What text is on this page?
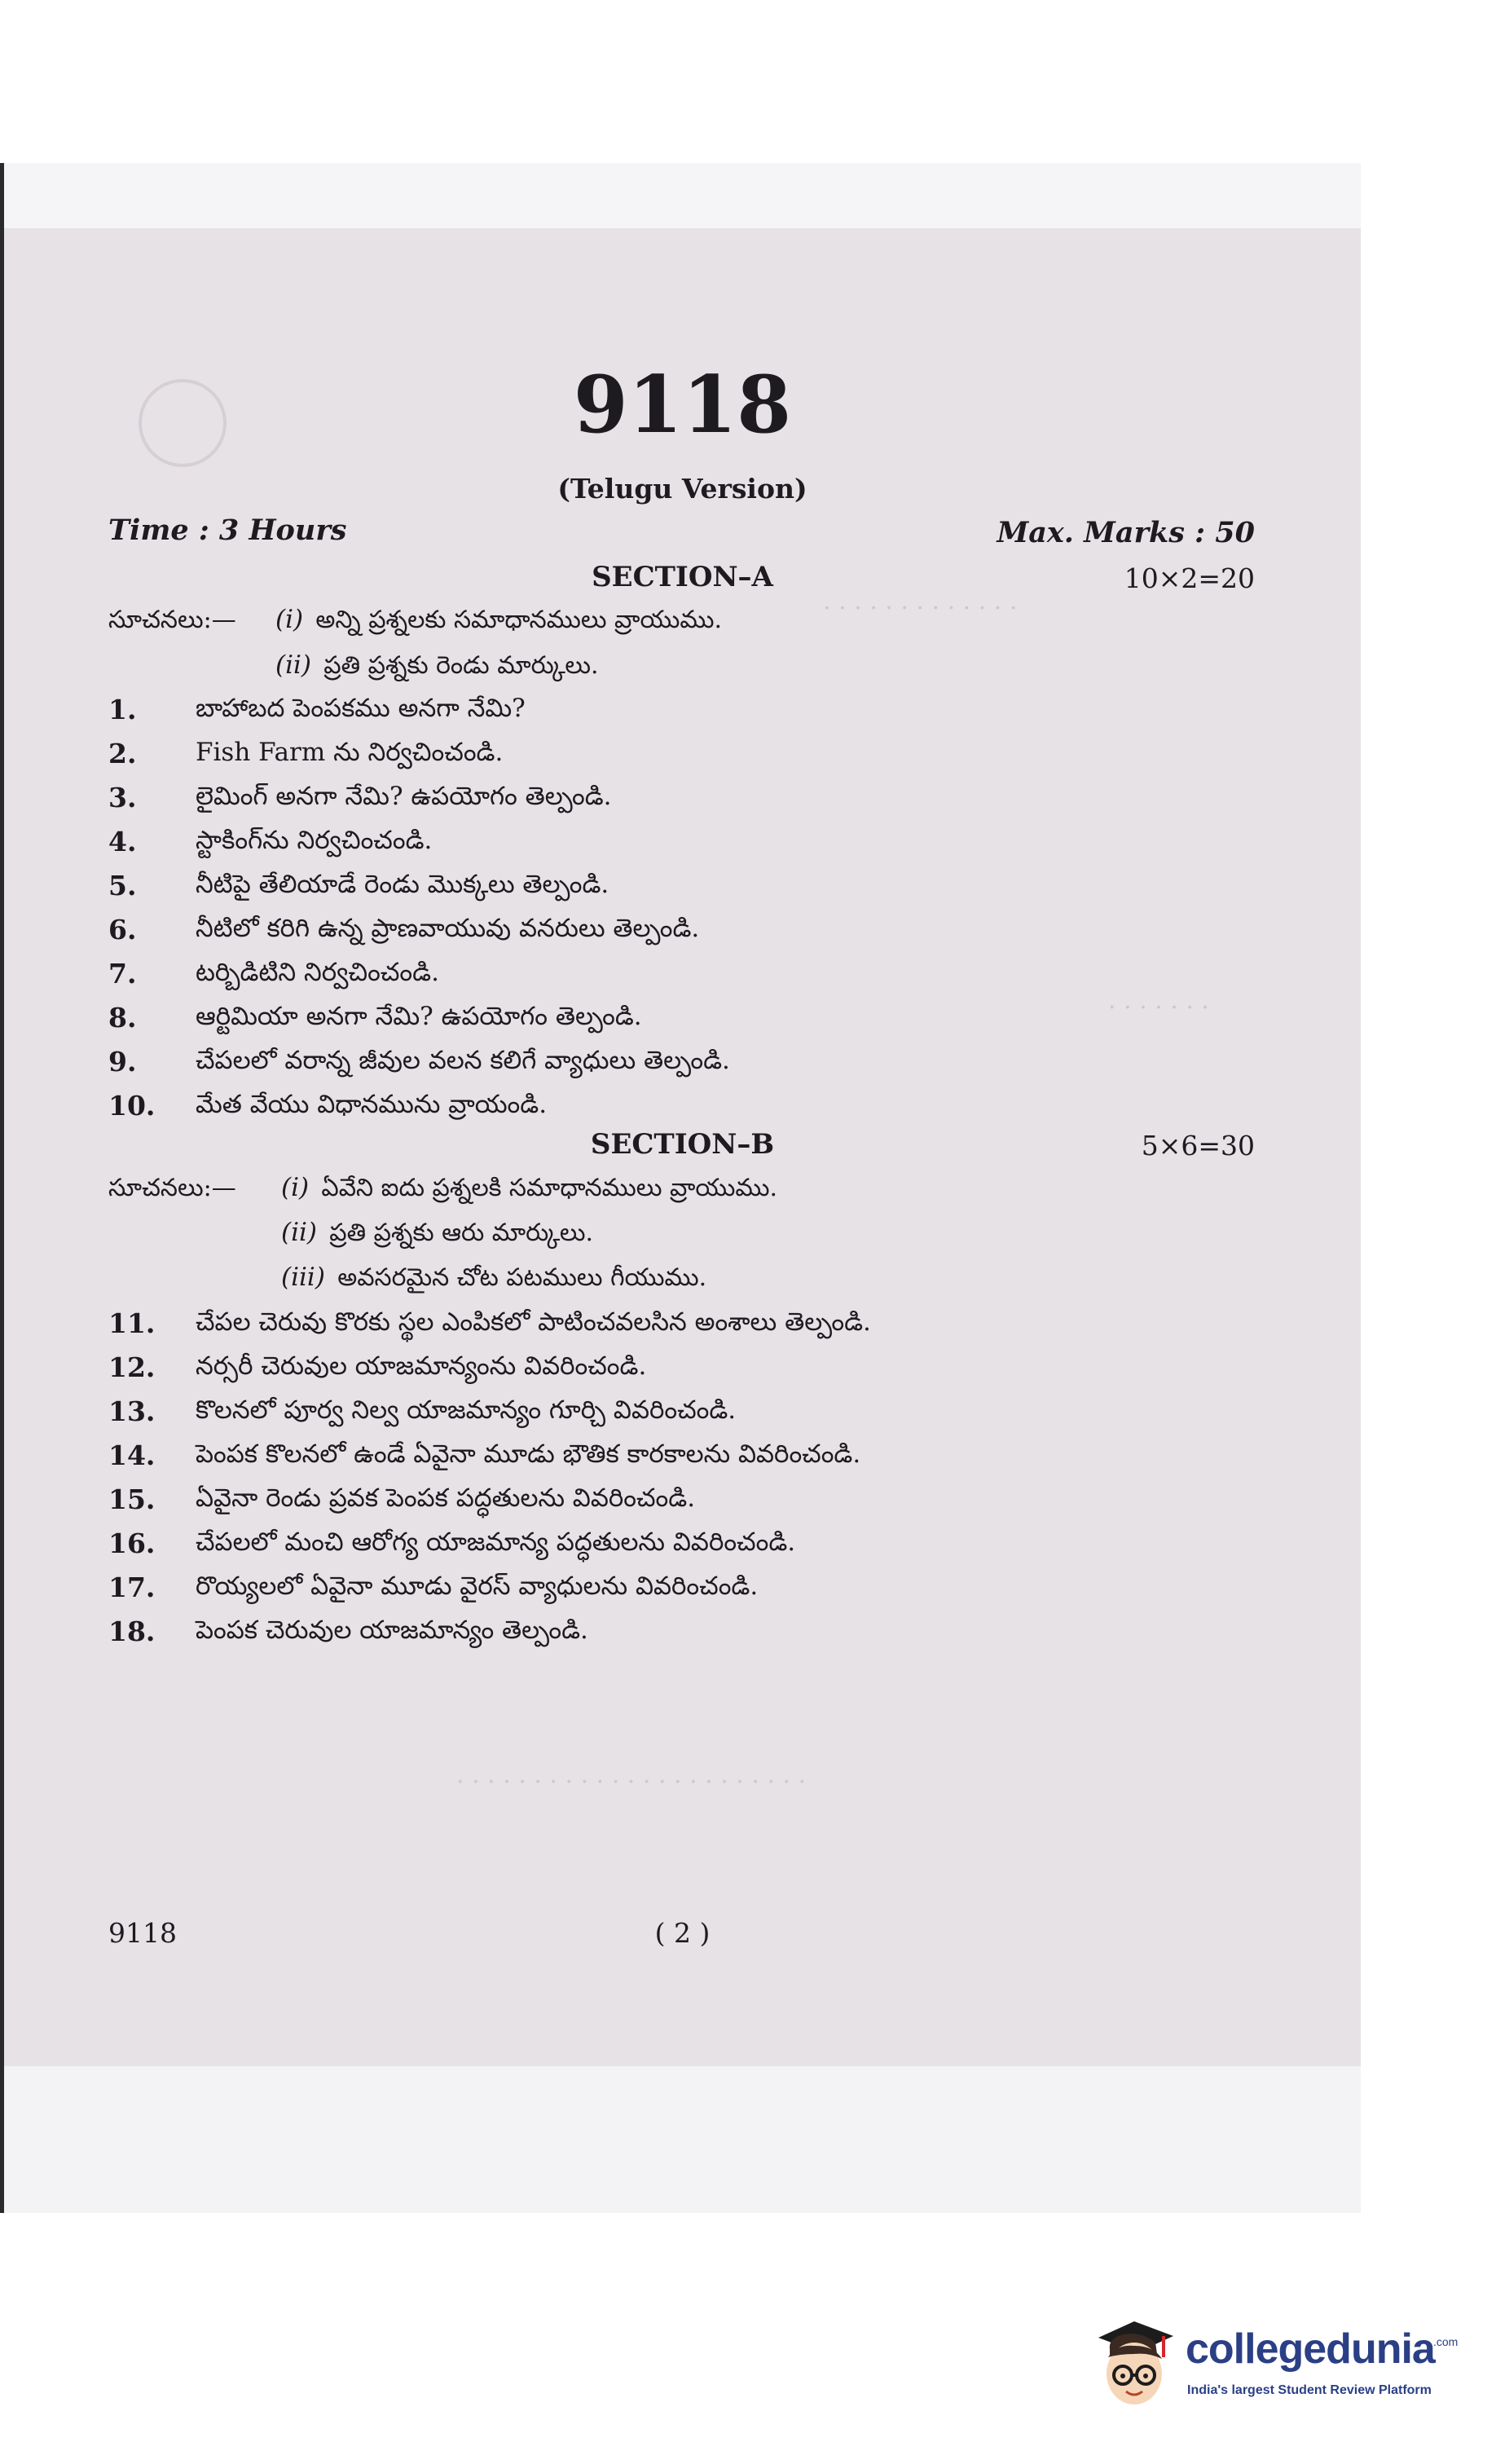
. . . . . . . . . . . . .
. . . . . . .
. . . . . . . . . . . . . . . . . . . . . . .
9118
(Telugu Version)
Time : 3 Hours	Max. Marks : 50
SECTION–A	10×2=20
సూచనలు:— (i) అన్ని ప్రశ్నలకు సమాధానములు వ్రాయుము.
(ii) ప్రతి ప్రశ్నకు రెండు మార్కులు.
1. బాహాబద పెంపకము అనగా నేమి?
2. Fish Farm ను నిర్వచించండి.
3. లైమింగ్ అనగా నేమి? ఉపయోగం తెల్పండి.
4. స్టాకింగ్‌ను నిర్వచించండి.
5. నీటిపై తేలియాడే రెండు మొక్కలు తెల్పండి.
6. నీటిలో కరిగి ఉన్న ప్రాణవాయువు వనరులు తెల్పండి.
7. టర్బిడిటిని నిర్వచించండి.
8. ఆర్టిమియా అనగా నేమి? ఉపయోగం తెల్పండి.
9. చేపలలో వరాన్న జీవుల వలన కలిగే వ్యాధులు తెల్పండి.
10. మేత వేయు విధానమును వ్రాయండి.
SECTION–B	5×6=30
సూచనలు:— (i) ఏవేని ఐదు ప్రశ్నలకి సమాధానములు వ్రాయుము.
(ii) ప్రతి ప్రశ్నకు ఆరు మార్కులు.
(iii) అవసరమైన చోట పటములు గీయుము.
11. చేపల చెరువు కొరకు స్థల ఎంపికలో పాటించవలసిన అంశాలు తెల్పండి.
12. నర్సరీ చెరువుల యాజమాన్యంను వివరించండి.
13. కొలనలో పూర్వ నిల్వ యాజమాన్యం గూర్చి వివరించండి.
14. పెంపక కొలనలో ఉండే ఏవైనా మూడు భౌతిక కారకాలను వివరించండి.
15. ఏవైనా రెండు ప్రవక పెంపక పద్ధతులను వివరించండి.
16. చేపలలో మంచి ఆరోగ్య యాజమాన్య పద్ధతులను వివరించండి.
17. రొయ్యలలో ఏవైనా మూడు వైరస్ వ్యాధులను వివరించండి.
18. పెంపక చెరువుల యాజమాన్యం తెల్పండి.
9118	( 2 )
collegedunia
.com
India's largest Student Review Platform
